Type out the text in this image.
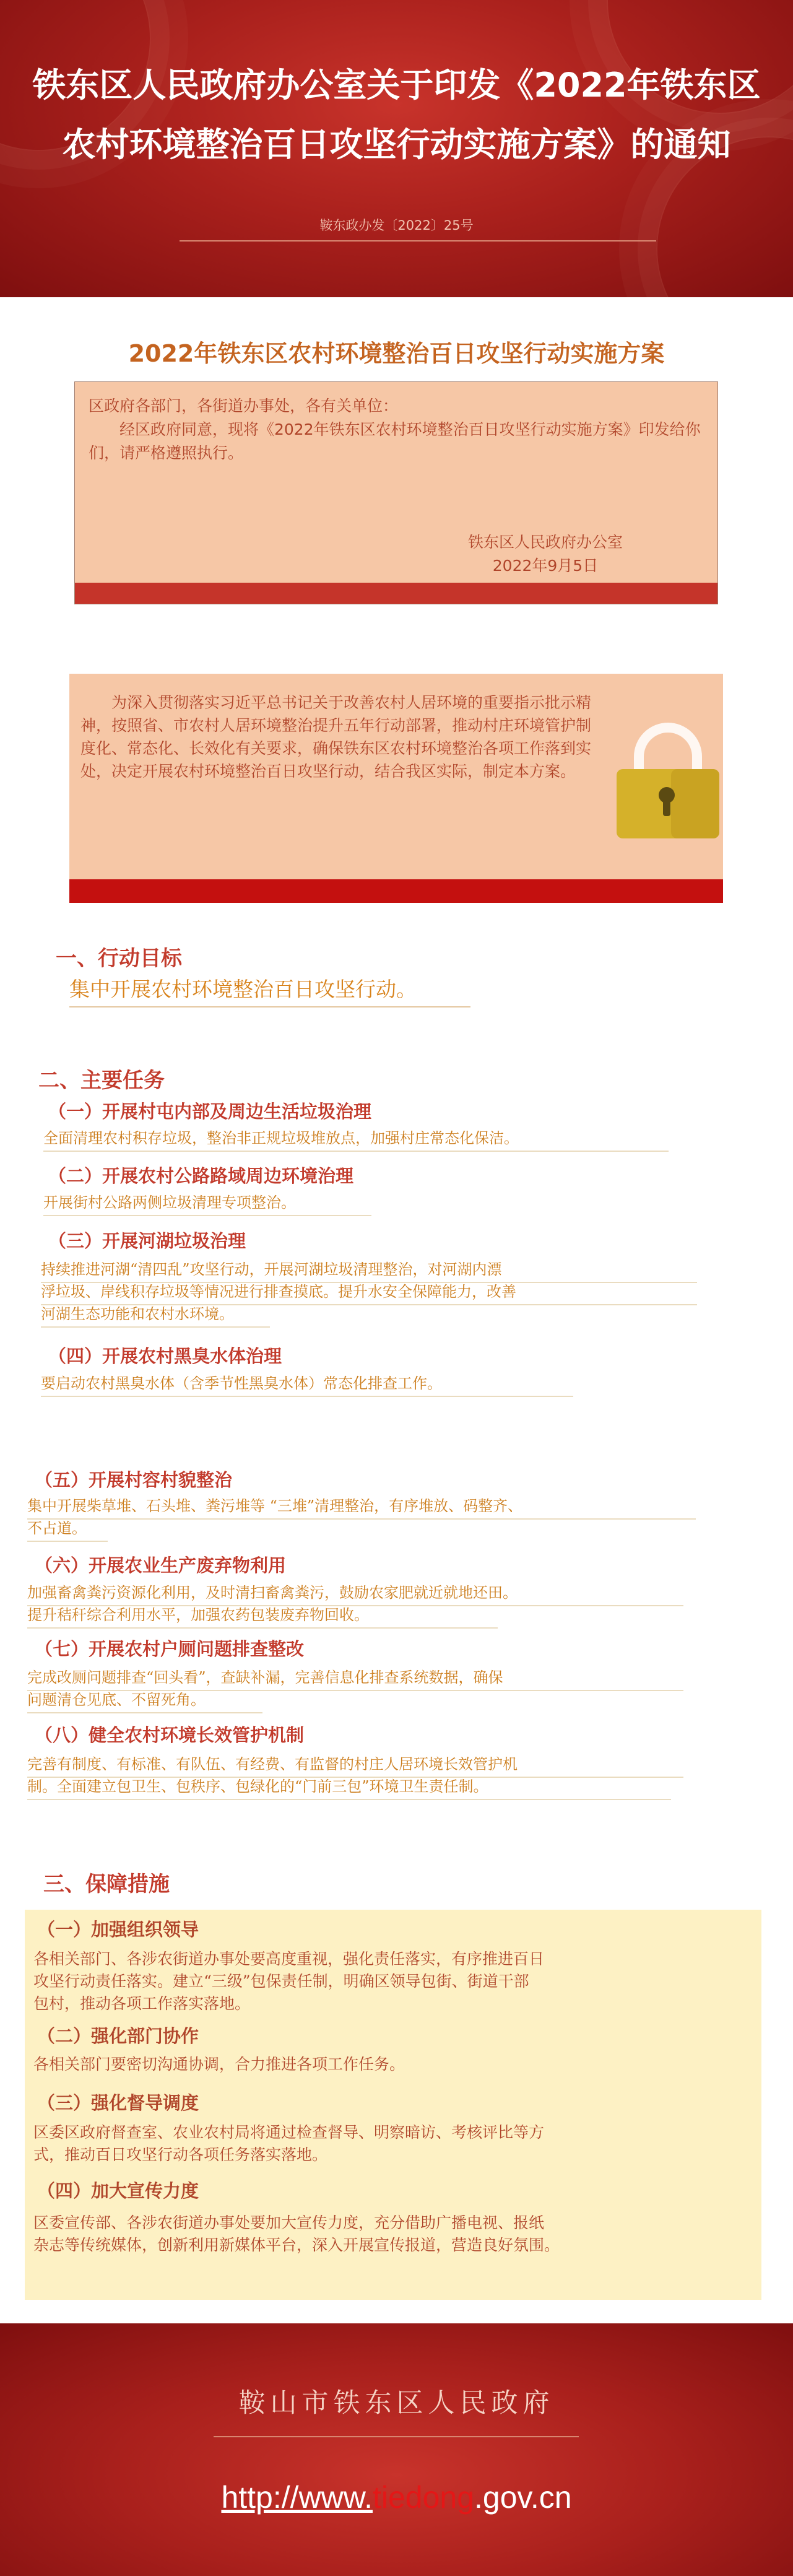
铁东区人民政府办公室关于印发《2022年铁东区
农村环境整治百日攻坚行动实施方案》的通知
鞍东政办发〔2022〕25号
2022年铁东区农村环境整治百日攻坚行动实施方案
区政府各部门，各街道办事处，各有关单位：
经区政府同意，现将《2022年铁东区农村环境整治百日攻坚行动实施方案》印发给你们，请严格遵照执行。
铁东区人民政府办公室
2022年9月5日
为深入贯彻落实习近平总书记关于改善农村人居环境的重要指示批示精神，按照省、市农村人居环境整治提升五年行动部署，推动村庄环境管护制度化、常态化、长效化有关要求，确保铁东区农村环境整治各项工作落到实处，决定开展农村环境整治百日攻坚行动，结合我区实际，制定本方案。
一、行动目标
集中开展农村环境整治百日攻坚行动。
二、主要任务
（一）开展村屯内部及周边生活垃圾治理
全面清理农村积存垃圾，整治非正规垃圾堆放点，加强村庄常态化保洁。
（二）开展农村公路路域周边环境治理
开展街村公路两侧垃圾清理专项整治。
（三）开展河湖垃圾治理
持续推进河湖“清四乱”攻坚行动，开展河湖垃圾清理整治，对河湖内漂
浮垃圾、岸线积存垃圾等情况进行排查摸底。提升水安全保障能力，改善
河湖生态功能和农村水环境。
（四）开展农村黑臭水体治理
要启动农村黑臭水体（含季节性黑臭水体）常态化排查工作。
（五）开展村容村貌整治
集中开展柴草堆、石头堆、粪污堆等 “三堆”清理整治，有序堆放、码整齐、
不占道。
（六）开展农业生产废弃物利用
加强畜禽粪污资源化利用，及时清扫畜禽粪污，鼓励农家肥就近就地还田。
提升秸秆综合利用水平，加强农药包装废弃物回收。
（七）开展农村户厕问题排查整改
完成改厕问题排查“回头看”，查缺补漏，完善信息化排查系统数据，确保
问题清仓见底、不留死角。
（八）健全农村环境长效管护机制
完善有制度、有标准、有队伍、有经费、有监督的村庄人居环境长效管护机
制。全面建立包卫生、包秩序、包绿化的“门前三包”环境卫生责任制。
三、保障措施
（一）加强组织领导
各相关部门、各涉农街道办事处要高度重视，强化责任落实，有序推进百日
攻坚行动责任落实。建立“三级”包保责任制，明确区领导包街、街道干部
包村，推动各项工作落实落地。
（二）强化部门协作
各相关部门要密切沟通协调，合力推进各项工作任务。
（三）强化督导调度
区委区政府督查室、农业农村局将通过检查督导、明察暗访、考核评比等方
式，推动百日攻坚行动各项任务落实落地。
（四）加大宣传力度
区委宣传部、各涉农街道办事处要加大宣传力度，充分借助广播电视、报纸
杂志等传统媒体，创新利用新媒体平台，深入开展宣传报道，营造良好氛围。
鞍山市铁东区人民政府
http://www.tiedong.gov.cn
